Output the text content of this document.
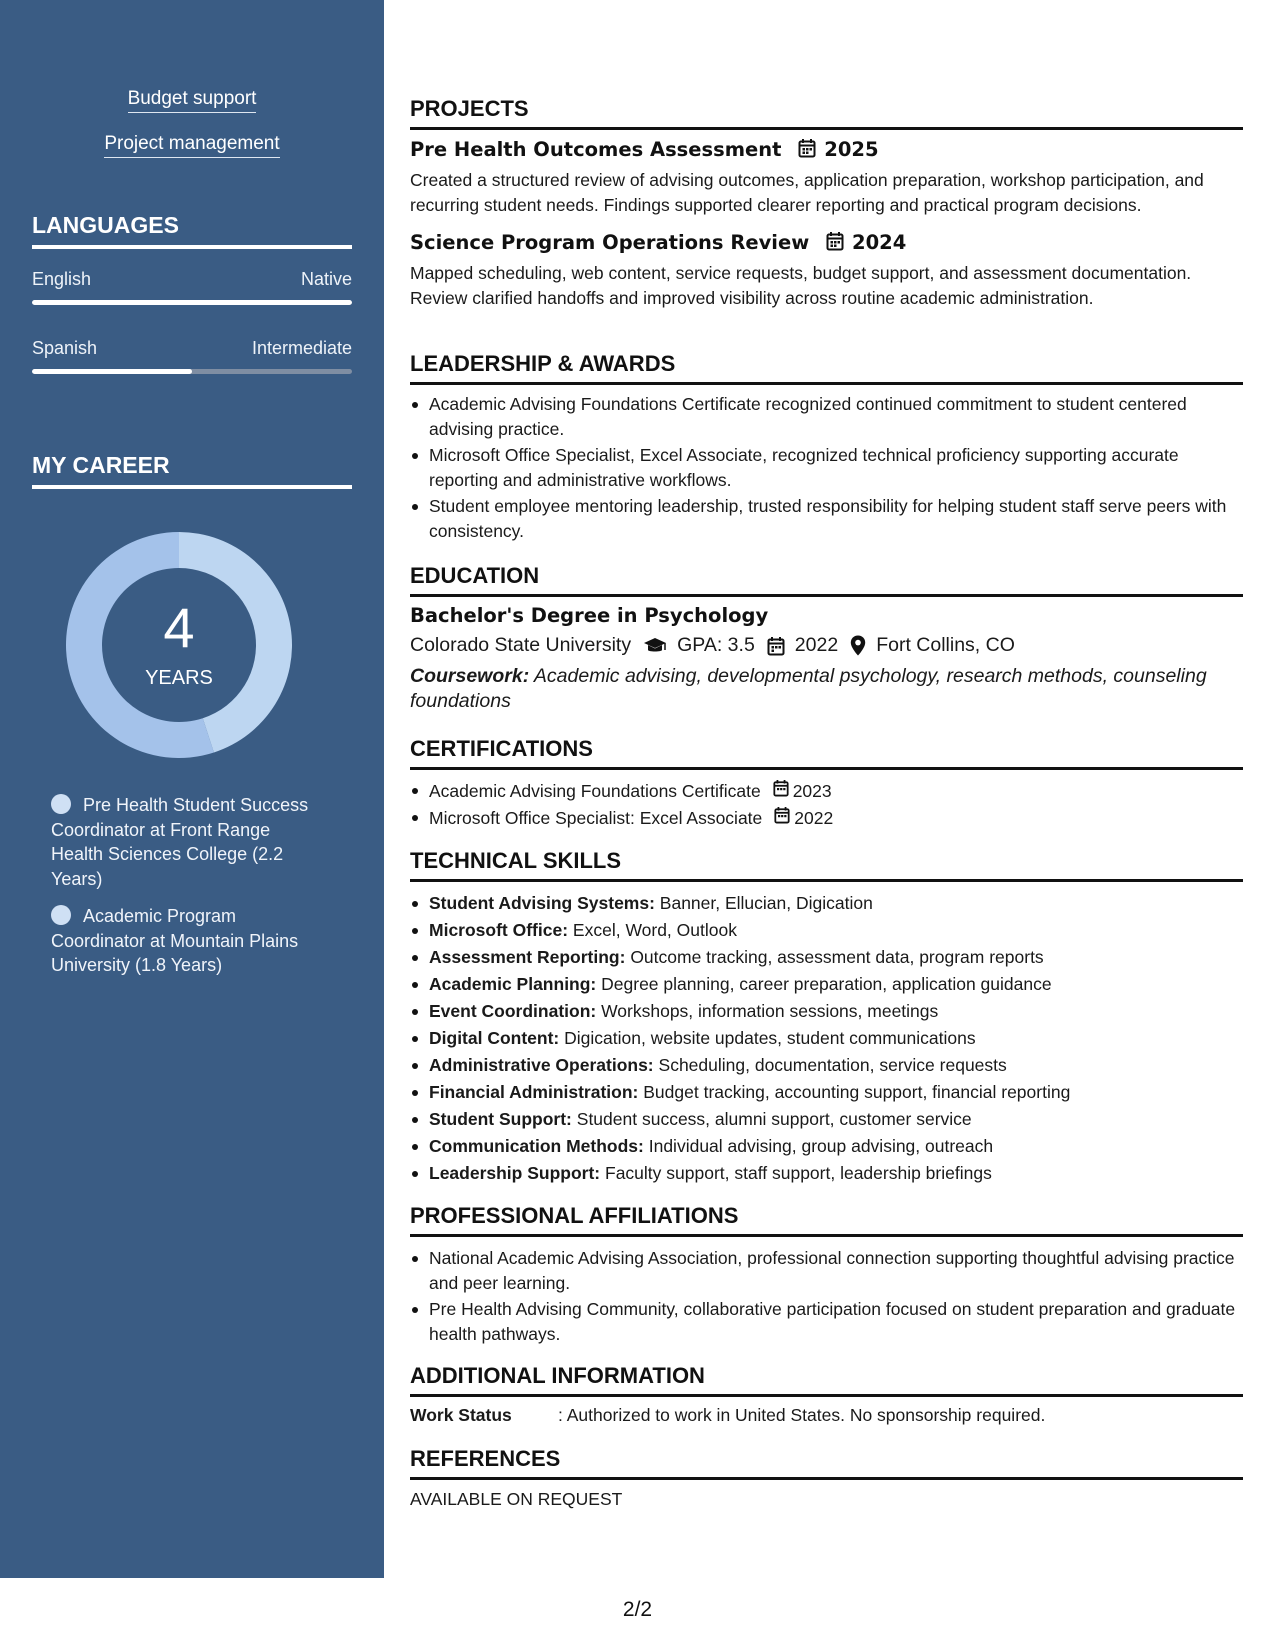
Budget support
Project management
LANGUAGES
English	Native
Spanish	Intermediate
MY CAREER
4
YEARS
Pre Health Student Success Coordinator at Front Range Health Sciences College (2.2 Years)
Academic Program Coordinator at Mountain Plains University (1.8 Years)
PROJECTS
Pre Health Outcomes Assessment 2025
Created a structured review of advising outcomes, application preparation, workshop participation, and recurring student needs. Findings supported clearer reporting and practical program decisions.
Science Program Operations Review 2024
Mapped scheduling, web content, service requests, budget support, and assessment documentation. Review clarified handoffs and improved visibility across routine academic administration.
LEADERSHIP & AWARDS
Academic Advising Foundations Certificate recognized continued commitment to student centered advising practice.
Microsoft Office Specialist, Excel Associate, recognized technical proficiency supporting accurate reporting and administrative workflows.
Student employee mentoring leadership, trusted responsibility for helping student staff serve peers with consistency.
EDUCATION
Bachelor's Degree in Psychology
Colorado State University GPA: 3.5 2022 Fort Collins, CO
Coursework: Academic advising, developmental psychology, research methods, counseling foundations
CERTIFICATIONS
Academic Advising Foundations Certificate 2023
Microsoft Office Specialist: Excel Associate 2022
TECHNICAL SKILLS
Student Advising Systems: Banner, Ellucian, Digication
Microsoft Office: Excel, Word, Outlook
Assessment Reporting: Outcome tracking, assessment data, program reports
Academic Planning: Degree planning, career preparation, application guidance
Event Coordination: Workshops, information sessions, meetings
Digital Content: Digication, website updates, student communications
Administrative Operations: Scheduling, documentation, service requests
Financial Administration: Budget tracking, accounting support, financial reporting
Student Support: Student success, alumni support, customer service
Communication Methods: Individual advising, group advising, outreach
Leadership Support: Faculty support, staff support, leadership briefings
PROFESSIONAL AFFILIATIONS
National Academic Advising Association, professional connection supporting thoughtful advising practice and peer learning.
Pre Health Advising Community, collaborative participation focused on student preparation and graduate health pathways.
ADDITIONAL INFORMATION
Work Status	: Authorized to work in United States. No sponsorship required.
REFERENCES
AVAILABLE ON REQUEST
2/2
